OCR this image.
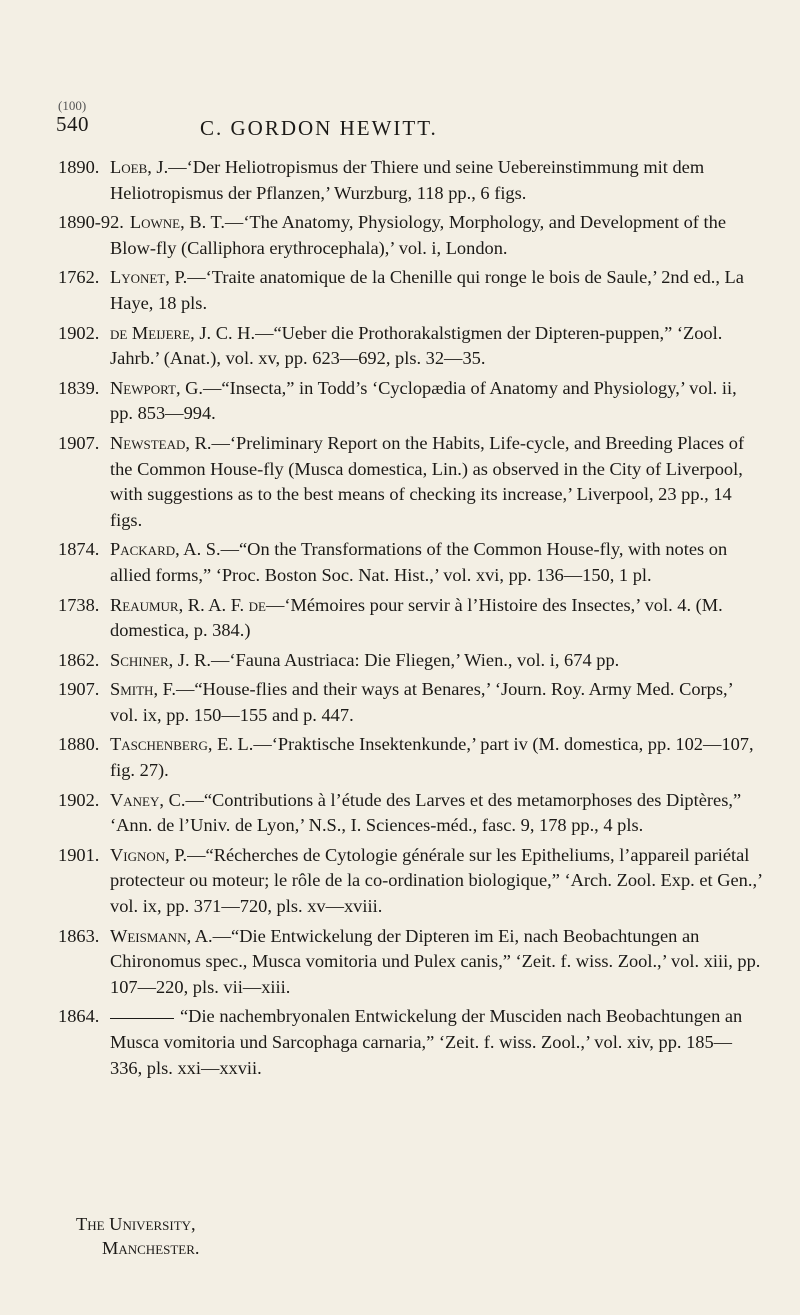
(100)
540	C. GORDON HEWITT.

1890. Loeb, J.—‘Der Heliotropismus der Thiere und seine Uebereinstimmung mit dem Heliotropismus der Pflanzen,’ Wurzburg, 118 pp., 6 figs.

1890-92. Lowne, B. T.—‘The Anatomy, Physiology, Morphology, and Development of the Blow-fly (Calliphora erythrocephala),’ vol. i, London.

1762. Lyonet, P.—‘Traite anatomique de la Chenille qui ronge le bois de Saule,’ 2nd ed., La Haye, 18 pls.

1902. de Meijere, J. C. H.—“Ueber die Prothorakalstigmen der Dipteren-puppen,” ‘Zool. Jahrb.’ (Anat.), vol. xv, pp. 623—692, pls. 32—35.

1839. Newport, G.—“Insecta,” in Todd’s ‘Cyclopædia of Anatomy and Physiology,’ vol. ii, pp. 853—994.

1907. Newstead, R.—‘Preliminary Report on the Habits, Life-cycle, and Breeding Places of the Common House-fly (Musca domestica, Lin.) as observed in the City of Liverpool, with suggestions as to the best means of checking its increase,’ Liverpool, 23 pp., 14 figs.

1874. Packard, A. S.—“On the Transformations of the Common House-fly, with notes on allied forms,” ‘Proc. Boston Soc. Nat. Hist.,’ vol. xvi, pp. 136—150, 1 pl.

1738. Reaumur, R. A. F. de—‘Mémoires pour servir à l’Histoire des Insectes,’ vol. 4. (M. domestica, p. 384.)

1862. Schiner, J. R.—‘Fauna Austriaca: Die Fliegen,’ Wien., vol. i, 674 pp.

1907. Smith, F.—“House-flies and their ways at Benares,’ ‘Journ. Roy. Army Med. Corps,’ vol. ix, pp. 150—155 and p. 447.

1880. Taschenberg, E. L.—‘Praktische Insektenkunde,’ part iv (M. domestica, pp. 102—107, fig. 27).

1902. Vaney, C.—“Contributions à l’étude des Larves et des metamorphoses des Diptères,” ‘Ann. de l’Univ. de Lyon,’ N.S., I. Sciences-méd., fasc. 9, 178 pp., 4 pls.

1901. Vignon, P.—“Récherches de Cytologie générale sur les Epitheliums, l’appareil pariétal protecteur ou moteur; le rôle de la co-ordination biologique,” ‘Arch. Zool. Exp. et Gen.,’ vol. ix, pp. 371—720, pls. xv—xviii.

1863. Weismann, A.—“Die Entwickelung der Dipteren im Ei, nach Beobachtungen an Chironomus spec., Musca vomitoria und Pulex canis,” ‘Zeit. f. wiss. Zool.,’ vol. xiii, pp. 107—220, pls. vii—xiii.

1864.	“Die nachembryonalen Entwickelung der Musciden nach Beobachtungen an Musca vomitoria und Sarcophaga carnaria,” ‘Zeit. f. wiss. Zool.,’ vol. xiv, pp. 185—336, pls. xxi—xxvii.

The University,
Manchester.
